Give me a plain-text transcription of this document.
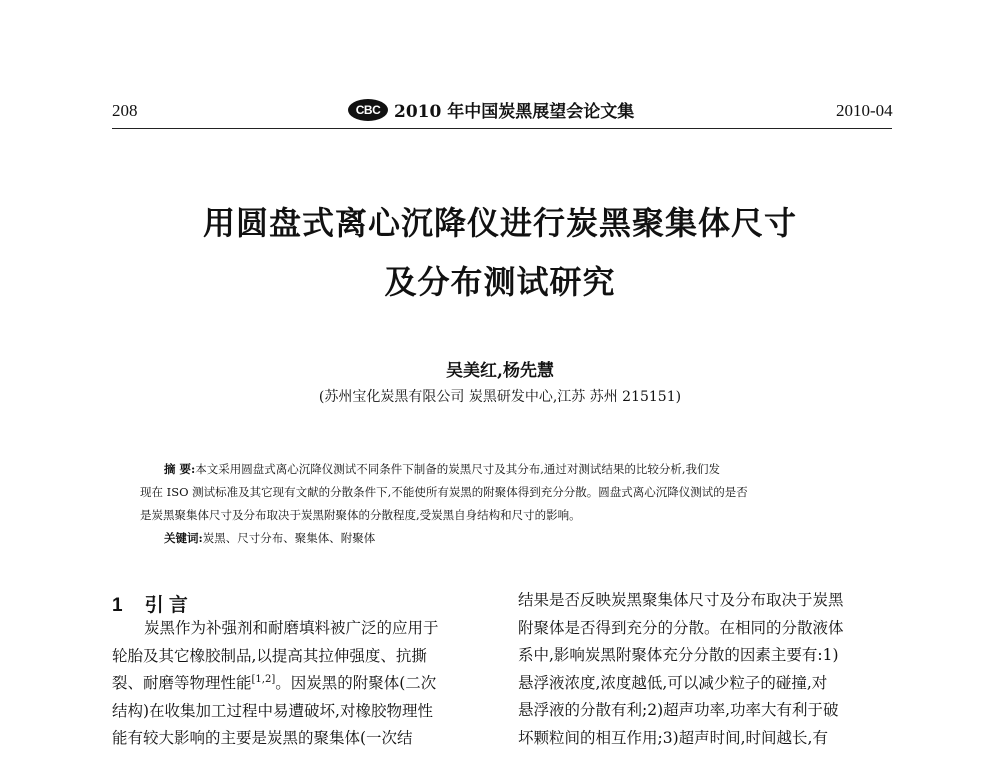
208	CBC 2010 年中国炭黑展望会论文集	2010-04
用圆盘式离心沉降仪进行炭黑聚集体尺寸
及分布测试研究
吴美红,杨先慧
(苏州宝化炭黑有限公司 炭黑研发中心,江苏 苏州 215151)

摘 要:本文采用圆盘式离心沉降仪测试不同条件下制备的炭黑尺寸及其分布,通过对测试结果的比较分析,我们发

现在 ISO 测试标准及其它现有文献的分散条件下,不能使所有炭黑的附聚体得到充分分散。圆盘式离心沉降仪测试的是否

是炭黑聚集体尺寸及分布取决于炭黑附聚体的分散程度,受炭黑自身结构和尺寸的影响。

关键词:炭黑、尺寸分布、聚集体、附聚体

1 引 言

炭黑作为补强剂和耐磨填料被广泛的应用于

轮胎及其它橡胶制品,以提高其拉伸强度、抗撕

裂、耐磨等物理性能[1,2]。因炭黑的附聚体(二次

结构)在收集加工过程中易遭破坏,对橡胶物理性

能有较大影响的主要是炭黑的聚集体(一次结

结果是否反映炭黑聚集体尺寸及分布取决于炭黑

附聚体是否得到充分的分散。在相同的分散液体

系中,影响炭黑附聚体充分分散的因素主要有:1)

悬浮液浓度,浓度越低,可以减少粒子的碰撞,对

悬浮液的分散有利;2)超声功率,功率大有利于破

坏颗粒间的相互作用;3)超声时间,时间越长,有
